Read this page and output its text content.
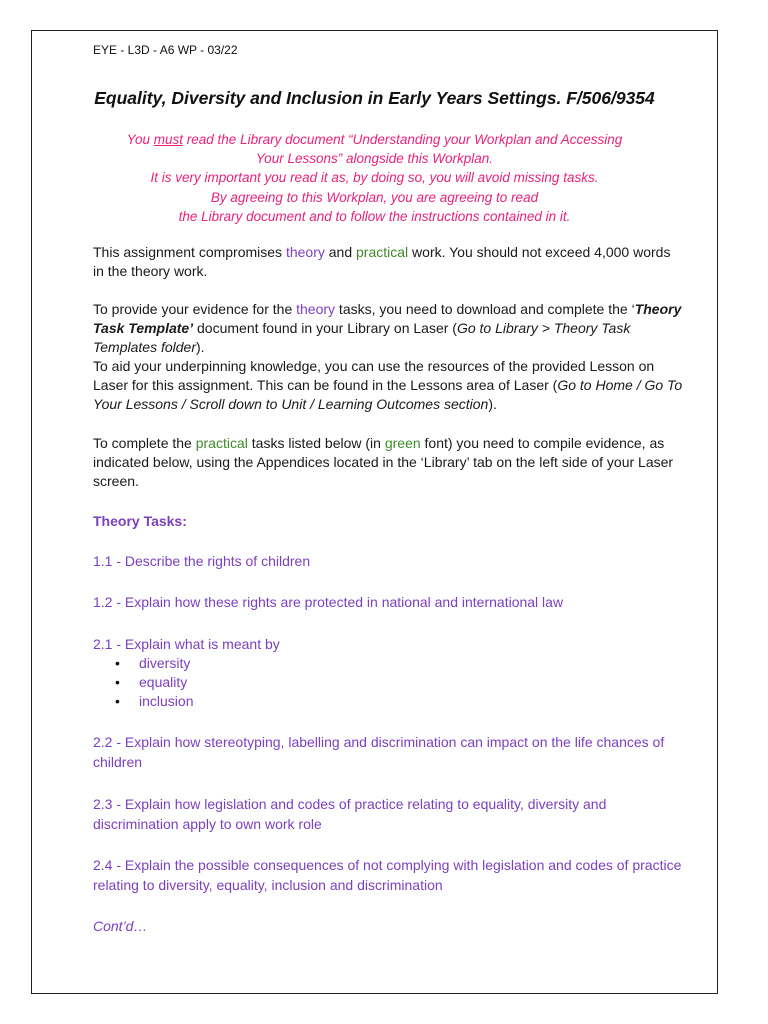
EYE - L3D - A6 WP - 03/22
Equality, Diversity and Inclusion in Early Years Settings. F/506/9354
You must read the Library document “Understanding your Workplan and Accessing
Your Lessons” alongside this Workplan.
It is very important you read it as, by doing so, you will avoid missing tasks.
By agreeing to this Workplan, you are agreeing to read
the Library document and to follow the instructions contained in it.
This assignment compromises theory and practical work. You should not exceed 4,000 words in the theory work.
To provide your evidence for the theory tasks, you need to download and complete the ‘Theory Task Template’ document found in your Library on Laser (Go to Library > Theory Task Templates folder).
To aid your underpinning knowledge, you can use the resources of the provided Lesson on Laser for this assignment. This can be found in the Lessons area of Laser (Go to Home / Go To Your Lessons / Scroll down to Unit / Learning Outcomes section).
To complete the practical tasks listed below (in green font) you need to compile evidence, as indicated below, using the Appendices located in the ‘Library’ tab on the left side of your Laser screen.
Theory Tasks:
1.1 - Describe the rights of children
1.2 - Explain how these rights are protected in national and international law
2.1 - Explain what is meant by
• diversity
• equality
• inclusion
2.2 - Explain how stereotyping, labelling and discrimination can impact on the life chances of children
2.3 - Explain how legislation and codes of practice relating to equality, diversity and discrimination apply to own work role
2.4 - Explain the possible consequences of not complying with legislation and codes of practice relating to diversity, equality, inclusion and discrimination
Cont’d…
